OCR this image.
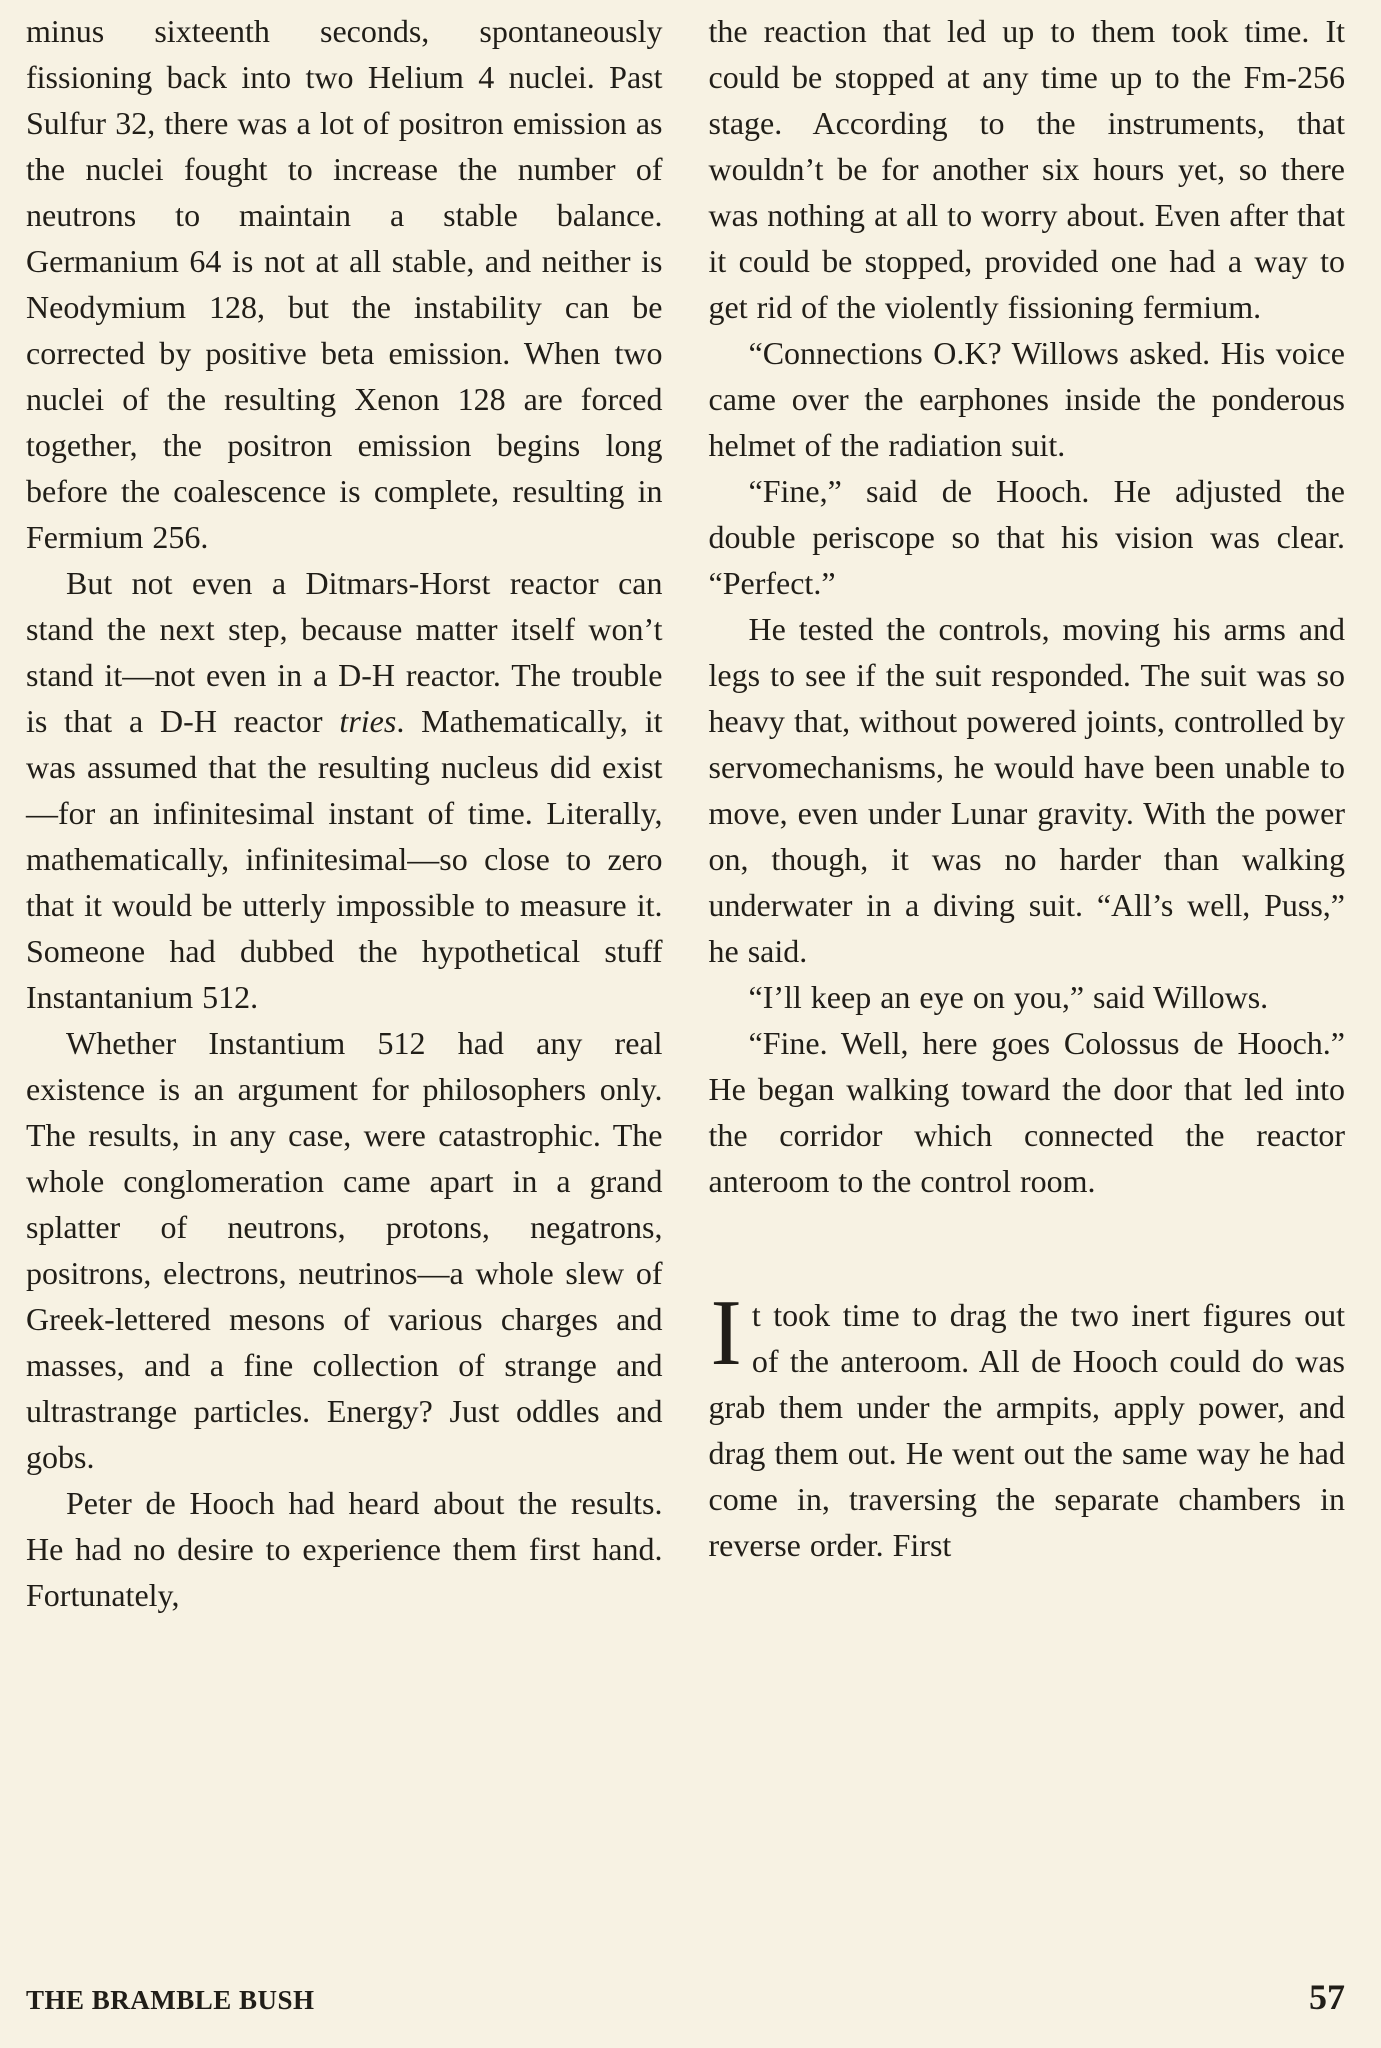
minus sixteenth seconds, spontaneously fissioning back into two Helium 4 nuclei. Past Sulfur 32, there was a lot of positron emission as the nuclei fought to increase the number of neutrons to maintain a stable balance. Germanium 64 is not at all stable, and neither is Neodymium 128, but the instability can be corrected by positive beta emission. When two nuclei of the resulting Xenon 128 are forced together, the positron emission begins long before the coalescence is complete, resulting in Fermium 256.

But not even a Ditmars-Horst reactor can stand the next step, because matter itself won’t stand it—not even in a D-H reactor. The trouble is that a D-H reactor tries. Mathematically, it was assumed that the resulting nucleus did exist—for an infinitesimal instant of time. Literally, mathematically, infinitesimal—so close to zero that it would be utterly impossible to measure it. Someone had dubbed the hypothetical stuff Instantanium 512.

Whether Instantium 512 had any real existence is an argument for philosophers only. The results, in any case, were catastrophic. The whole conglomeration came apart in a grand splatter of neutrons, protons, negatrons, positrons, electrons, neutrinos—a whole slew of Greek-lettered mesons of various charges and masses, and a fine collection of strange and ultrastrange particles. Energy? Just oddles and gobs.

Peter de Hooch had heard about the results. He had no desire to experience them first hand. Fortunately,

the reaction that led up to them took time. It could be stopped at any time up to the Fm-256 stage. According to the instruments, that wouldn’t be for another six hours yet, so there was nothing at all to worry about. Even after that it could be stopped, provided one had a way to get rid of the violently fissioning fermium.

“Connections O.K? Willows asked. His voice came over the earphones inside the ponderous helmet of the radiation suit.

“Fine,” said de Hooch. He adjusted the double periscope so that his vision was clear. “Perfect.”

He tested the controls, moving his arms and legs to see if the suit responded. The suit was so heavy that, without powered joints, controlled by servomechanisms, he would have been unable to move, even under Lunar gravity. With the power on, though, it was no harder than walking underwater in a diving suit. “All’s well, Puss,” he said.

“I’ll keep an eye on you,” said Willows.

“Fine. Well, here goes Colossus de Hooch.” He began walking toward the door that led into the corridor which connected the reactor anteroom to the control room.

It took time to drag the two inert figures out of the anteroom. All de Hooch could do was grab them under the armpits, apply power, and drag them out. He went out the same way he had come in, traversing the separate chambers in reverse order. First

THE BRAMBLE BUSH	57
